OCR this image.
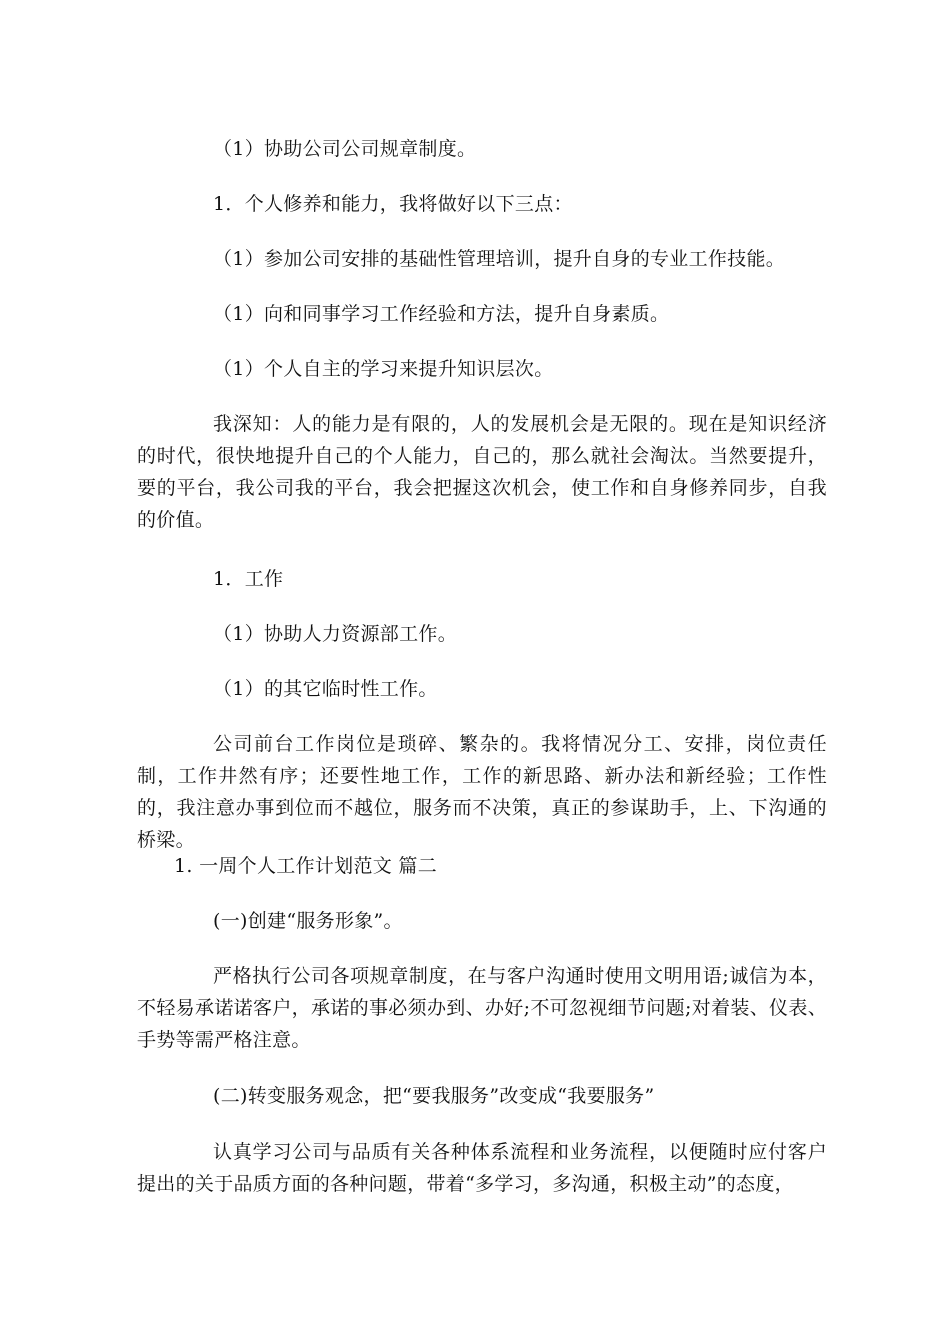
（1）协助公司公司规章制度。
1．个人修养和能力，我将做好以下三点：
（1）参加公司安排的基础性管理培训，提升自身的专业工作技能。
（1）向和同事学习工作经验和方法，提升自身素质。
（1）个人自主的学习来提升知识层次。

我深知：人的能力是有限的，人的发展机会是无限的。现在是知识经济的时代，很快地提升自己的个人能力，自己的，那么就社会淘汰。当然要提升，要的平台，我公司我的平台，我会把握这次机会，使工作和自身修养同步，自我的价值。

1．工作
（1）协助人力资源部工作。
（1）的其它临时性工作。

公司前台工作岗位是琐碎、繁杂的。我将情况分工、安排，岗位责任制，工作井然有序；还要性地工作，工作的新思路、新办法和新经验；工作性的，我注意办事到位而不越位，服务而不决策，真正的参谋助手，上、下沟通的桥梁。

1. 一周个人工作计划范文 篇二
(一)创建“服务形象”。

严格执行公司各项规章制度，在与客户沟通时使用文明用语;诚信为本，不轻易承诺诺客户，承诺的事必须办到、办好;不可忽视细节问题;对着装、仪表、手势等需严格注意。

(二)转变服务观念，把“要我服务”改变成“我要服务”

认真学习公司与品质有关各种体系流程和业务流程，以便随时应付客户提出的关于品质方面的各种问题，带着“多学习，多沟通，积极主动”的态度，
